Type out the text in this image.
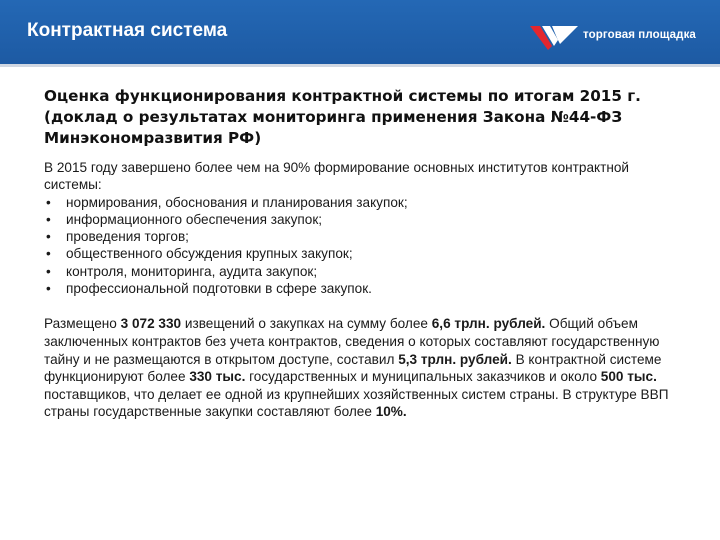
Контрактная система	торговая площадка
Оценка функционирования контрактной системы по итогам 2015 г.
(доклад о результатах мониторинга применения Закона №44-ФЗ
Минэкономразвития РФ)
В 2015 году завершено более чем на 90% формирование основных институтов контрактной системы:
• нормирования, обоснования и планирования закупок;
• информационного обеспечения закупок;
• проведения торгов;
• общественного обсуждения крупных закупок;
• контроля, мониторинга, аудита закупок;
• профессиональной подготовки в сфере закупок.
Размещено 3 072 330 извещений о закупках на сумму более 6,6 трлн. рублей. Общий объем заключенных контрактов без учета контрактов, сведения о которых составляют государственную тайну и не размещаются в открытом доступе, составил 5,3 трлн. рублей. В контрактной системе функционируют более 330 тыс. государственных и муниципальных заказчиков и около 500 тыс. поставщиков, что делает ее одной из крупнейших хозяйственных систем страны. В структуре ВВП страны государственные закупки составляют более 10%.
